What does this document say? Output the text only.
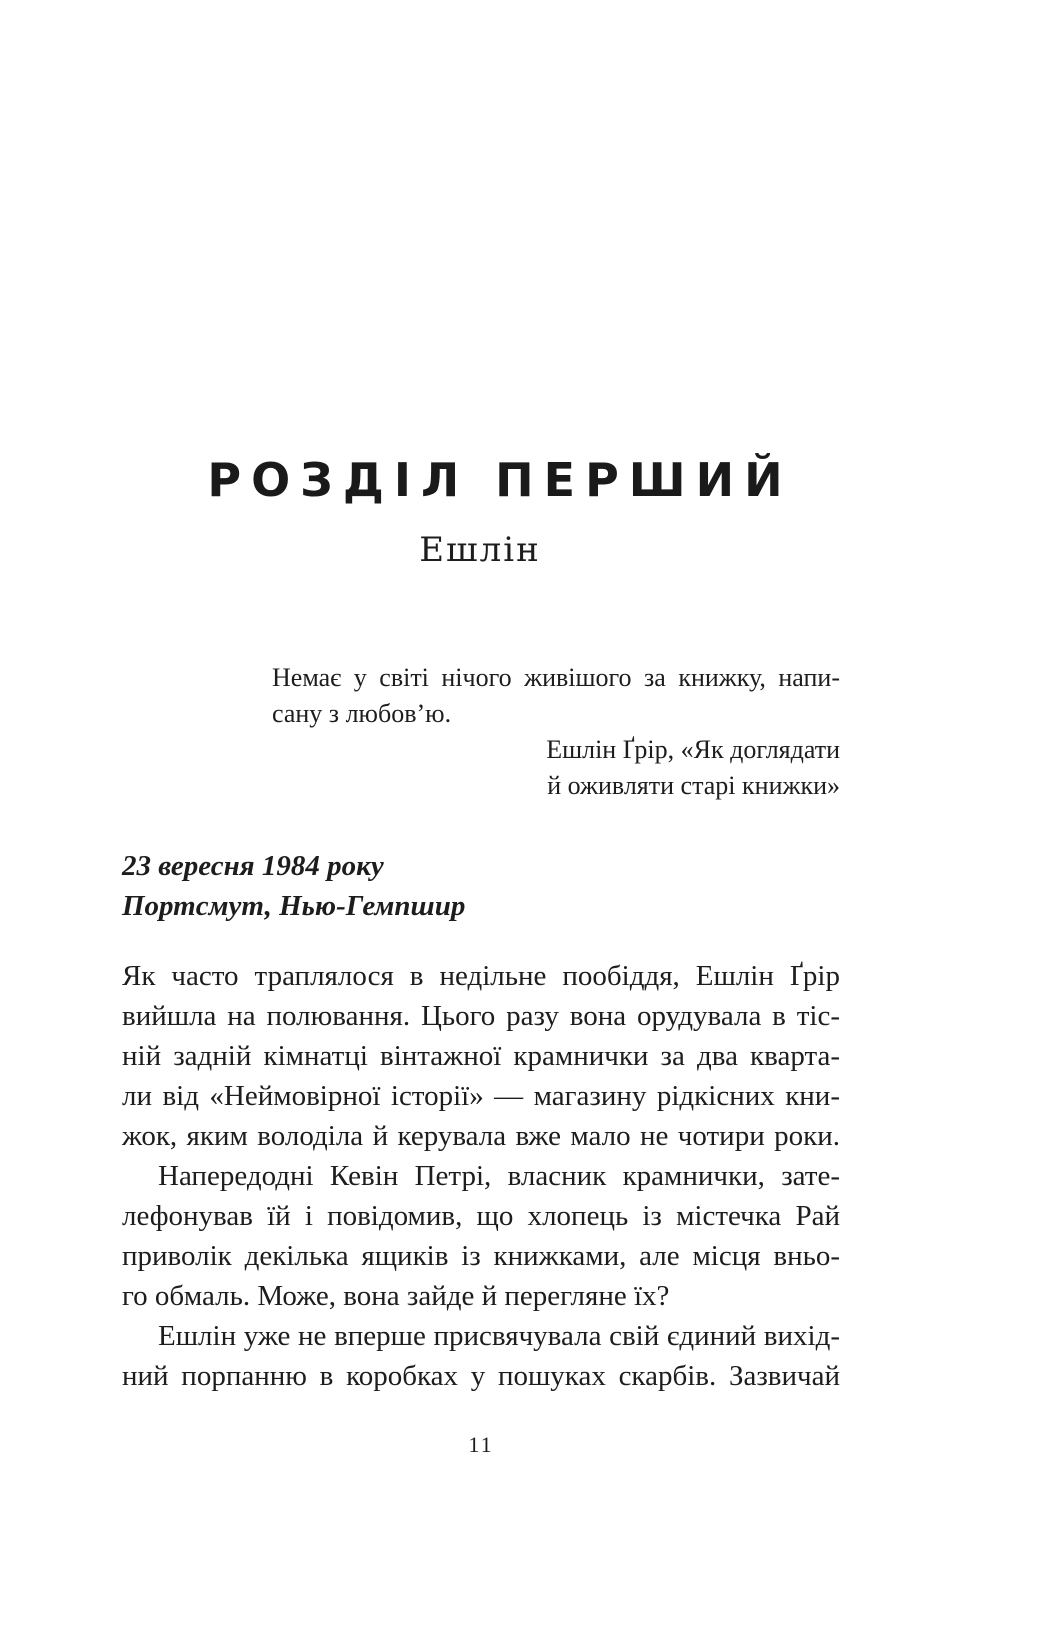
РОЗДІЛ ПЕРШИЙ
Ешлін
Немає у світі нічого живішого за книжку, напи-
сану з любов’ю.
Ешлін Ґрір, «Як доглядати
й оживляти старі книжки»
23 вересня 1984 року
Портсмут, Нью-Гемпшир
Як часто траплялося в недільне пообіддя, Ешлін Ґрір
вийшла на полювання. Цього разу вона орудувала в тіс-
ній задній кімнатці вінтажної крамнички за два кварта-
ли від «Неймовірної історії» — магазину рідкісних кни-
жок, яким володіла й керувала вже мало не чотири роки.
Напередодні Кевін Петрі, власник крамнички, зате-
лефонував їй і повідомив, що хлопець із містечка Рай
приволік декілька ящиків із книжками, але місця вньо-
го обмаль. Може, вона зайде й перегляне їх?
Ешлін уже не вперше присвячувала свій єдиний вихід-
ний порпанню в коробках у пошуках скарбів. Зазвичай
11
